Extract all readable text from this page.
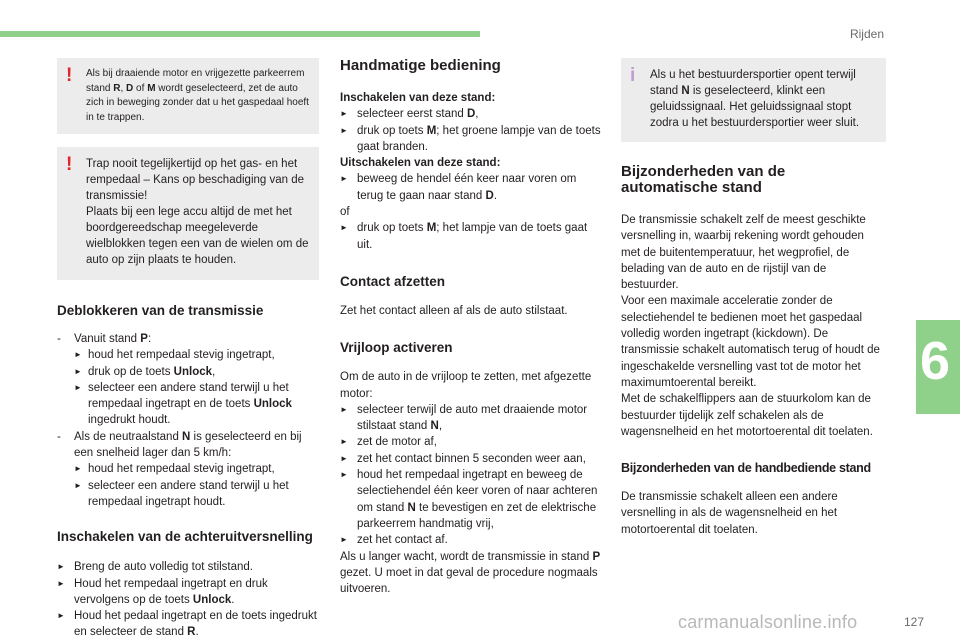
Rijden
6
! Als bij draaiende motor en vrijgezette parkeerrem stand R, D of M wordt geselecteerd, zet de auto zich in beweging zonder dat u het gaspedaal hoeft in te trappen.
! Trap nooit tegelijkertijd op het gas- en het rempedaal – Kans op beschadiging van de transmissie!
Plaats bij een lege accu altijd de met het boordgereedschap meegeleverde wielblokken tegen een van de wielen om de auto op zijn plaats te houden.
Deblokkeren van de transmissie
-	Vanuit stand P:
► houd het rempedaal stevig ingetrapt,
► druk op de toets Unlock,
► selecteer een andere stand terwijl u het rempedaal ingetrapt en de toets Unlock ingedrukt houdt.
-	Als de neutraalstand N is geselecteerd en bij een snelheid lager dan 5 km/h:
► houd het rempedaal stevig ingetrapt,
► selecteer een andere stand terwijl u het rempedaal ingetrapt houdt.
Inschakelen van de achteruitversnelling
► Breng de auto volledig tot stilstand.
► Houd het rempedaal ingetrapt en druk vervolgens op de toets Unlock.
► Houd het pedaal ingetrapt en de toets ingedrukt en selecteer de stand R.
Handmatige bediening

Inschakelen van deze stand:

► selecteer eerst stand D,
► druk op toets M; het groene lampje van de toets gaat branden.

Uitschakelen van deze stand:

► beweeg de hendel één keer naar voren om terug te gaan naar stand D.

of

► druk op toets M; het lampje van de toets gaat uit.
Contact afzetten

Zet het contact alleen af als de auto stilstaat.

Vrijloop activeren

Om de auto in de vrijloop te zetten, met afgezette motor:

► selecteer terwijl de auto met draaiende motor stilstaat stand N,
► zet de motor af,
► zet het contact binnen 5 seconden weer aan,
► houd het rempedaal ingetrapt en beweeg de selectiehendel één keer voren of naar achteren om stand N te bevestigen en zet de elektrische parkeerrem handmatig vrij,
► zet het contact af.

Als u langer wacht, wordt de transmissie in stand P gezet. U moet in dat geval de procedure nogmaals uitvoeren.

i Als u het bestuurdersportier opent terwijl stand N is geselecteerd, klinkt een geluidssignaal. Het geluidssignaal stopt zodra u het bestuurdersportier weer sluit.
Bijzonderheden van de automatische stand

De transmissie schakelt zelf de meest geschikte versnelling in, waarbij rekening wordt gehouden met de buitentemperatuur, het wegprofiel, de belading van de auto en de rijstijl van de bestuurder.

Voor een maximale acceleratie zonder de selectiehendel te bedienen moet het gaspedaal volledig worden ingetrapt (kickdown). De transmissie schakelt automatisch terug of houdt de ingeschakelde versnelling vast tot de motor het maximumtoerental bereikt.

Met de schakelflippers aan de stuurkolom kan de bestuurder tijdelijk zelf schakelen als de wagensnelheid en het motortoerental dit toelaten.

Bijzonderheden van de handbediende stand

De transmissie schakelt alleen een andere versnelling in als de wagensnelheid en het motortoerental dit toelaten.

carmanualsonline.info	127
